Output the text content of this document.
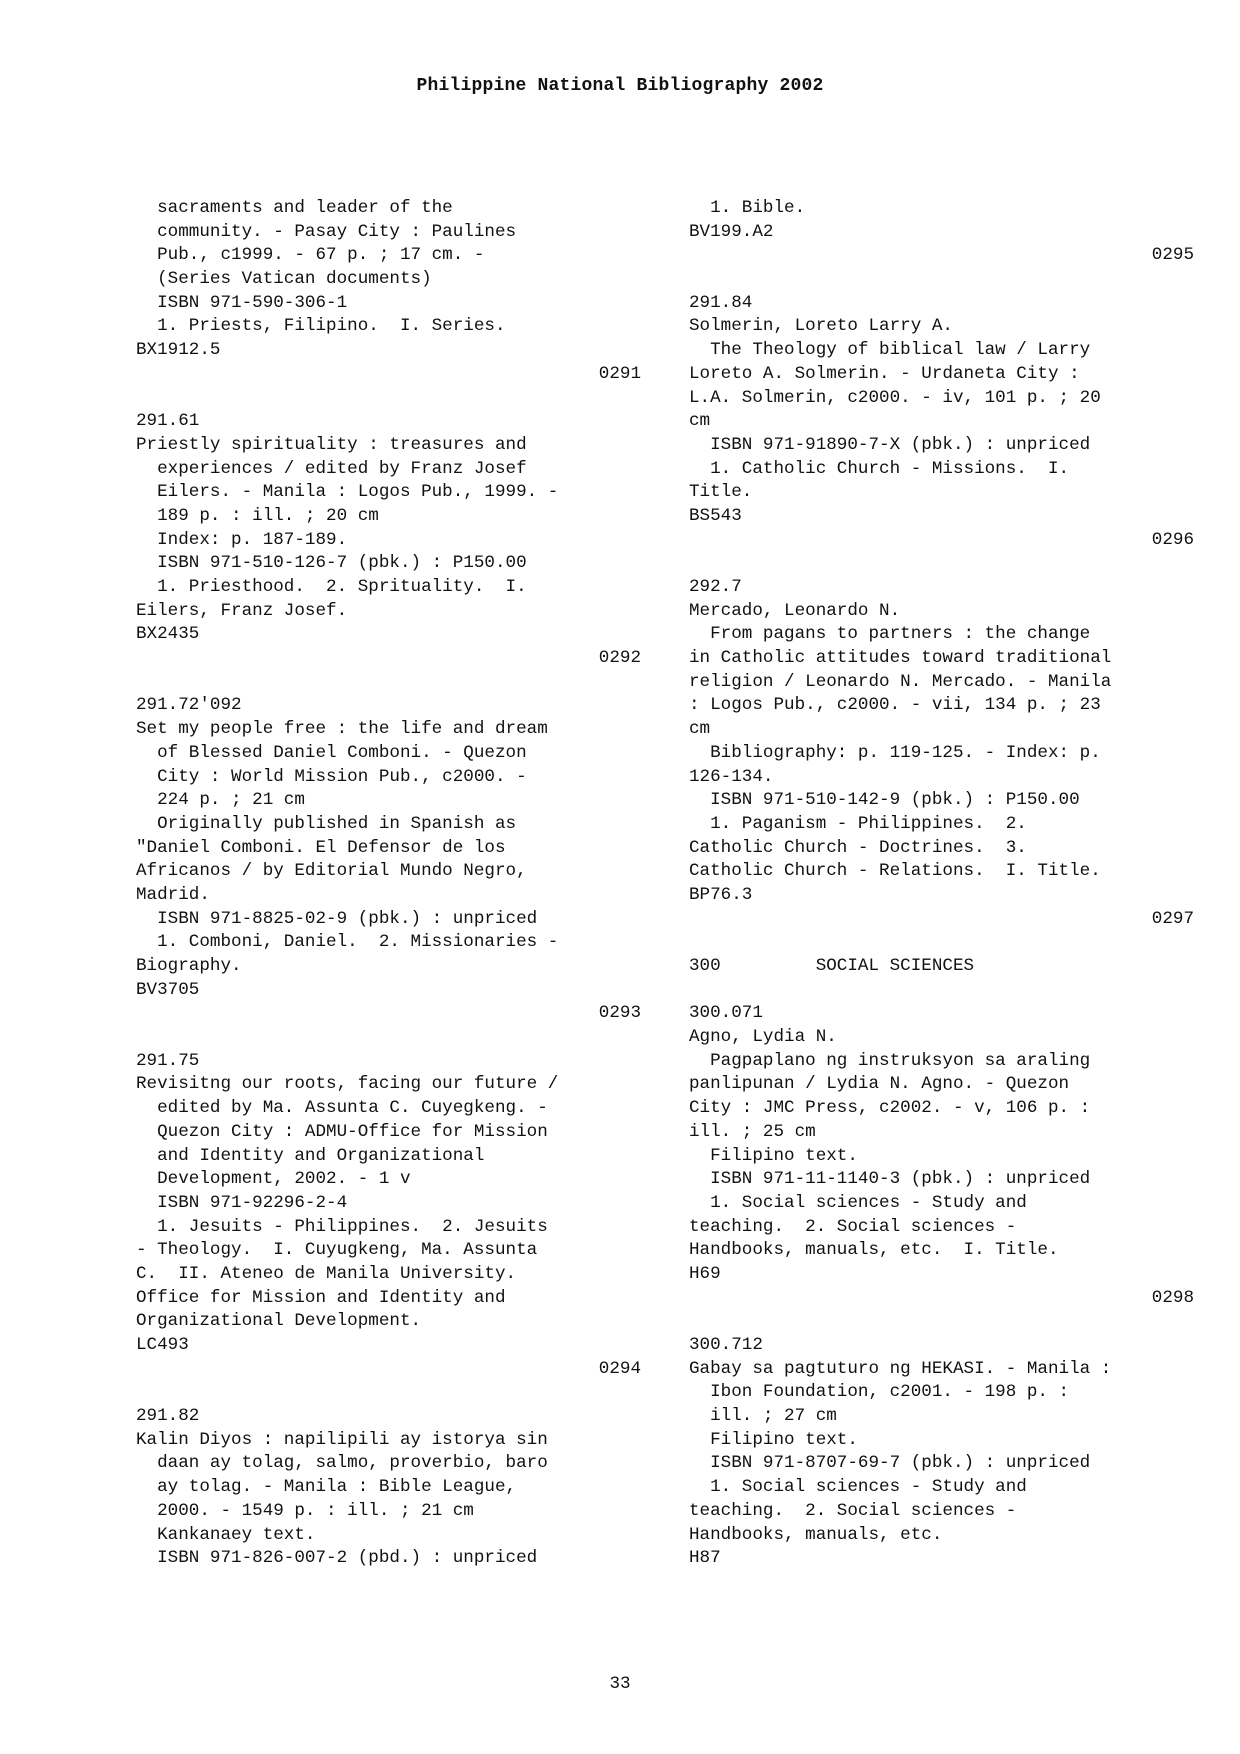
Philippine National Bibliography 2002
sacraments and leader of the
community. - Pasay City : Paulines
Pub., c1999. - 67 p. ; 17 cm. -
(Series Vatican documents)
ISBN 971-590-306-1
1. Priests, Filipino.  I. Series.
BX1912.5
0291
291.61
Priestly spirituality : treasures and
experiences / edited by Franz Josef
Eilers. - Manila : Logos Pub., 1999. -
189 p. : ill. ; 20 cm
Index: p. 187-189.
ISBN 971-510-126-7 (pbk.) : P150.00
1. Priesthood.  2. Sprituality.  I.
Eilers, Franz Josef.
BX2435
0292
291.72'092
Set my people free : the life and dream
of Blessed Daniel Comboni. - Quezon
City : World Mission Pub., c2000. -
224 p. ; 21 cm
Originally published in Spanish as
"Daniel Comboni. El Defensor de los
Africanos / by Editorial Mundo Negro,
Madrid.
ISBN 971-8825-02-9 (pbk.) : unpriced
1. Comboni, Daniel.  2. Missionaries -
Biography.
BV3705
0293
291.75
Revisitng our roots, facing our future /
edited by Ma. Assunta C. Cuyegkeng. -
Quezon City : ADMU-Office for Mission
and Identity and Organizational
Development, 2002. - 1 v
ISBN 971-92296-2-4
1. Jesuits - Philippines.  2. Jesuits
- Theology.  I. Cuyugkeng, Ma. Assunta
C.  II. Ateneo de Manila University.
Office for Mission and Identity and
Organizational Development.
LC493
0294
291.82
Kalin Diyos : napilipili ay istorya sin
daan ay tolag, salmo, proverbio, baro
ay tolag. - Manila : Bible League,
2000. - 1549 p. : ill. ; 21 cm
Kankanaey text.
ISBN 971-826-007-2 (pbd.) : unpriced
1. Bible.
BV199.A2
0295
291.84
Solmerin, Loreto Larry A.
The Theology of biblical law / Larry
Loreto A. Solmerin. - Urdaneta City :
L.A. Solmerin, c2000. - iv, 101 p. ; 20
cm
ISBN 971-91890-7-X (pbk.) : unpriced
1. Catholic Church - Missions.  I.
Title.
BS543
0296
292.7
Mercado, Leonardo N.
From pagans to partners : the change
in Catholic attitudes toward traditional
religion / Leonardo N. Mercado. - Manila
: Logos Pub., c2000. - vii, 134 p. ; 23
cm
Bibliography: p. 119-125. - Index: p.
126-134.
ISBN 971-510-142-9 (pbk.) : P150.00
1. Paganism - Philippines.  2.
Catholic Church - Doctrines.  3.
Catholic Church - Relations.  I. Title.
BP76.3
0297
300         SOCIAL SCIENCES
300.071
Agno, Lydia N.
Pagpaplano ng instruksyon sa araling
panlipunan / Lydia N. Agno. - Quezon
City : JMC Press, c2002. - v, 106 p. :
ill. ; 25 cm
Filipino text.
ISBN 971-11-1140-3 (pbk.) : unpriced
1. Social sciences - Study and
teaching.  2. Social sciences -
Handbooks, manuals, etc.  I. Title.
H69
0298
300.712
Gabay sa pagtuturo ng HEKASI. - Manila :
Ibon Foundation, c2001. - 198 p. :
ill. ; 27 cm
Filipino text.
ISBN 971-8707-69-7 (pbk.) : unpriced
1. Social sciences - Study and
teaching.  2. Social sciences -
Handbooks, manuals, etc.
H87
33
